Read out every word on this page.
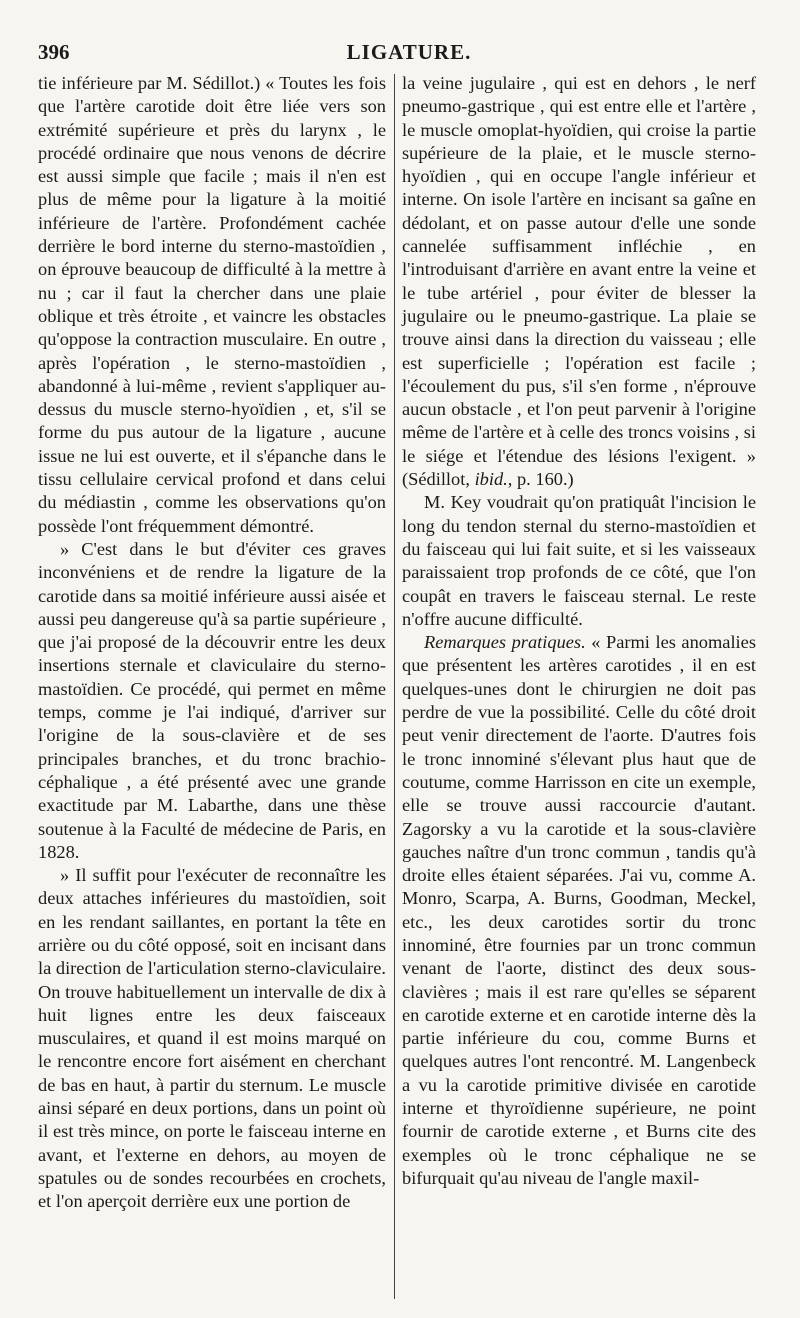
396	LIGATURE.

tie inférieure par M. Sédillot.) « Toutes les fois que l'artère carotide doit être liée vers son extrémité supérieure et près du larynx , le procédé ordinaire que nous venons de décrire est aussi simple que facile ; mais il n'en est plus de même pour la ligature à la moitié inférieure de l'artère. Profondément cachée derrière le bord interne du sterno-mastoïdien , on éprouve beaucoup de difficulté à la mettre à nu ; car il faut la chercher dans une plaie oblique et très étroite , et vaincre les obstacles qu'oppose la contraction musculaire. En outre , après l'opération , le sterno-mastoïdien , abandonné à lui-même , revient s'appliquer au-dessus du muscle sterno-hyoïdien , et, s'il se forme du pus autour de la ligature , aucune issue ne lui est ouverte, et il s'épanche dans le tissu cellulaire cervical profond et dans celui du médiastin , comme les observations qu'on possède l'ont fréquemment démontré.

» C'est dans le but d'éviter ces graves inconvéniens et de rendre la ligature de la carotide dans sa moitié inférieure aussi aisée et aussi peu dangereuse qu'à sa partie supérieure , que j'ai proposé de la découvrir entre les deux insertions sternale et claviculaire du sterno-mastoïdien. Ce procédé, qui permet en même temps, comme je l'ai indiqué, d'arriver sur l'origine de la sous-clavière et de ses principales branches, et du tronc brachio-céphalique , a été présenté avec une grande exactitude par M. Labarthe, dans une thèse soutenue à la Faculté de médecine de Paris, en 1828.

» Il suffit pour l'exécuter de reconnaître les deux attaches inférieures du mastoïdien, soit en les rendant saillantes, en portant la tête en arrière ou du côté opposé, soit en incisant dans la direction de l'articulation sterno-claviculaire. On trouve habituellement un intervalle de dix à huit lignes entre les deux faisceaux musculaires, et quand il est moins marqué on le rencontre encore fort aisément en cherchant de bas en haut, à partir du sternum. Le muscle ainsi séparé en deux portions, dans un point où il est très mince, on porte le faisceau interne en avant, et l'externe en dehors, au moyen de spatules ou de sondes recourbées en crochets, et l'on aperçoit derrière eux une portion de

la veine jugulaire , qui est en dehors , le nerf pneumo-gastrique , qui est entre elle et l'artère , le muscle omoplat-hyoïdien, qui croise la partie supérieure de la plaie, et le muscle sterno-hyoïdien , qui en occupe l'angle inférieur et interne. On isole l'artère en incisant sa gaîne en dédolant, et on passe autour d'elle une sonde cannelée suffisamment infléchie , en l'introduisant d'arrière en avant entre la veine et le tube artériel , pour éviter de blesser la jugulaire ou le pneumo-gastrique. La plaie se trouve ainsi dans la direction du vaisseau ; elle est superficielle ; l'opération est facile ; l'écoulement du pus, s'il s'en forme , n'éprouve aucun obstacle , et l'on peut parvenir à l'origine même de l'artère et à celle des troncs voisins , si le siége et l'étendue des lésions l'exigent. » (Sédillot, ibid., p. 160.)

M. Key voudrait qu'on pratiquât l'incision le long du tendon sternal du sterno-mastoïdien et du faisceau qui lui fait suite, et si les vaisseaux paraissaient trop profonds de ce côté, que l'on coupât en travers le faisceau sternal. Le reste n'offre aucune difficulté.

Remarques pratiques. « Parmi les anomalies que présentent les artères carotides , il en est quelques-unes dont le chirurgien ne doit pas perdre de vue la possibilité. Celle du côté droit peut venir directement de l'aorte. D'autres fois le tronc innominé s'élevant plus haut que de coutume, comme Harrisson en cite un exemple, elle se trouve aussi raccourcie d'autant. Zagorsky a vu la carotide et la sous-clavière gauches naître d'un tronc commun , tandis qu'à droite elles étaient séparées. J'ai vu, comme A. Monro, Scarpa, A. Burns, Goodman, Meckel, etc., les deux carotides sortir du tronc innominé, être fournies par un tronc commun venant de l'aorte, distinct des deux sous-clavières ; mais il est rare qu'elles se séparent en carotide externe et en carotide interne dès la partie inférieure du cou, comme Burns et quelques autres l'ont rencontré. M. Langenbeck a vu la carotide primitive divisée en carotide interne et thyroïdienne supérieure, ne point fournir de carotide externe , et Burns cite des exemples où le tronc céphalique ne se bifurquait qu'au niveau de l'angle maxil-
